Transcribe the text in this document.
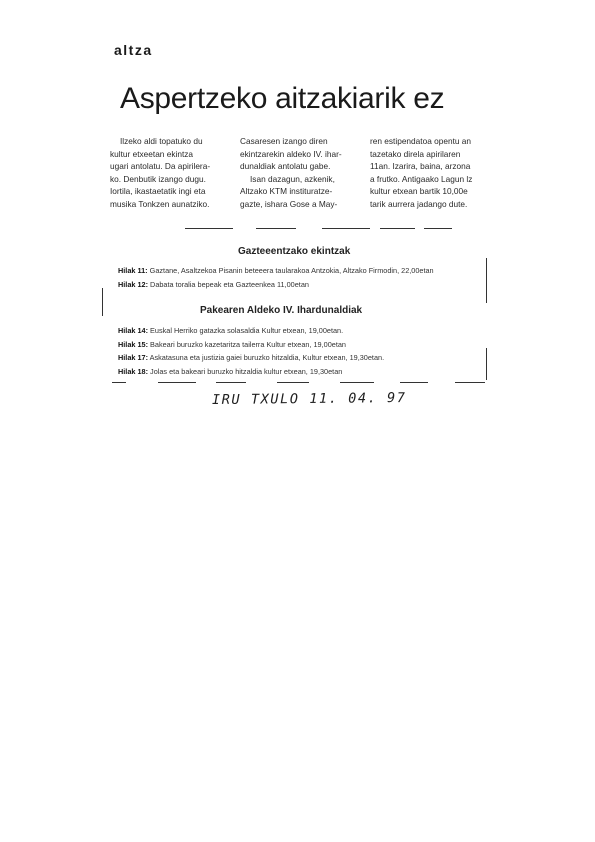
altza
Aspertzeko aitzakiarik ez

Ilzeko aldi topatuko du

kultur etxeetan ekintza

ugari antolatu. Da apirilera-

ko. Denbutik izango dugu.

Iortila, ikastaetatik ingi eta

musika Tonkzen aunatziko.

Casaresen izango diren

ekintzarekin aldeko IV. ihar-

dunaldiak antolatu gabe.

Isan dazagun, azkenik,

Altzako KTM instituratze-

gazte, ishara Gose a May-

ren estipendatoa opentu an

tazetako direla apirilaren

11an. Izarira, baina, arzona

a frutko. Antigaako Lagun lz

kultur etxean bartik 10,00e

tarik aurrera jadango dute.

Gazteeentzako ekintzak
Hilak 11: Gaztane, Asaltzekoa Pisanin beteeera taularakoa Antzokia, Altzako Firmodin, 22,00etan
Hilak 12: Dabata toralia bepeak eta Gazteenkea 11,00etan
Pakearen Aldeko IV. Ihardunaldiak
Hilak 14: Euskal Herriko gatazka solasaldia Kultur etxean, 19,00etan.
Hilak 15: Bakeari buruzko kazetaritza tailerra Kultur etxean, 19,00etan
Hilak 17: Askatasuna eta justizia gaiei buruzko hitzaldia, Kultur etxean, 19,30etan.
Hilak 18: Jolas eta bakeari buruzko hitzaldia kultur etxean, 19,30etan
IRU TXULO 11. 04. 97
